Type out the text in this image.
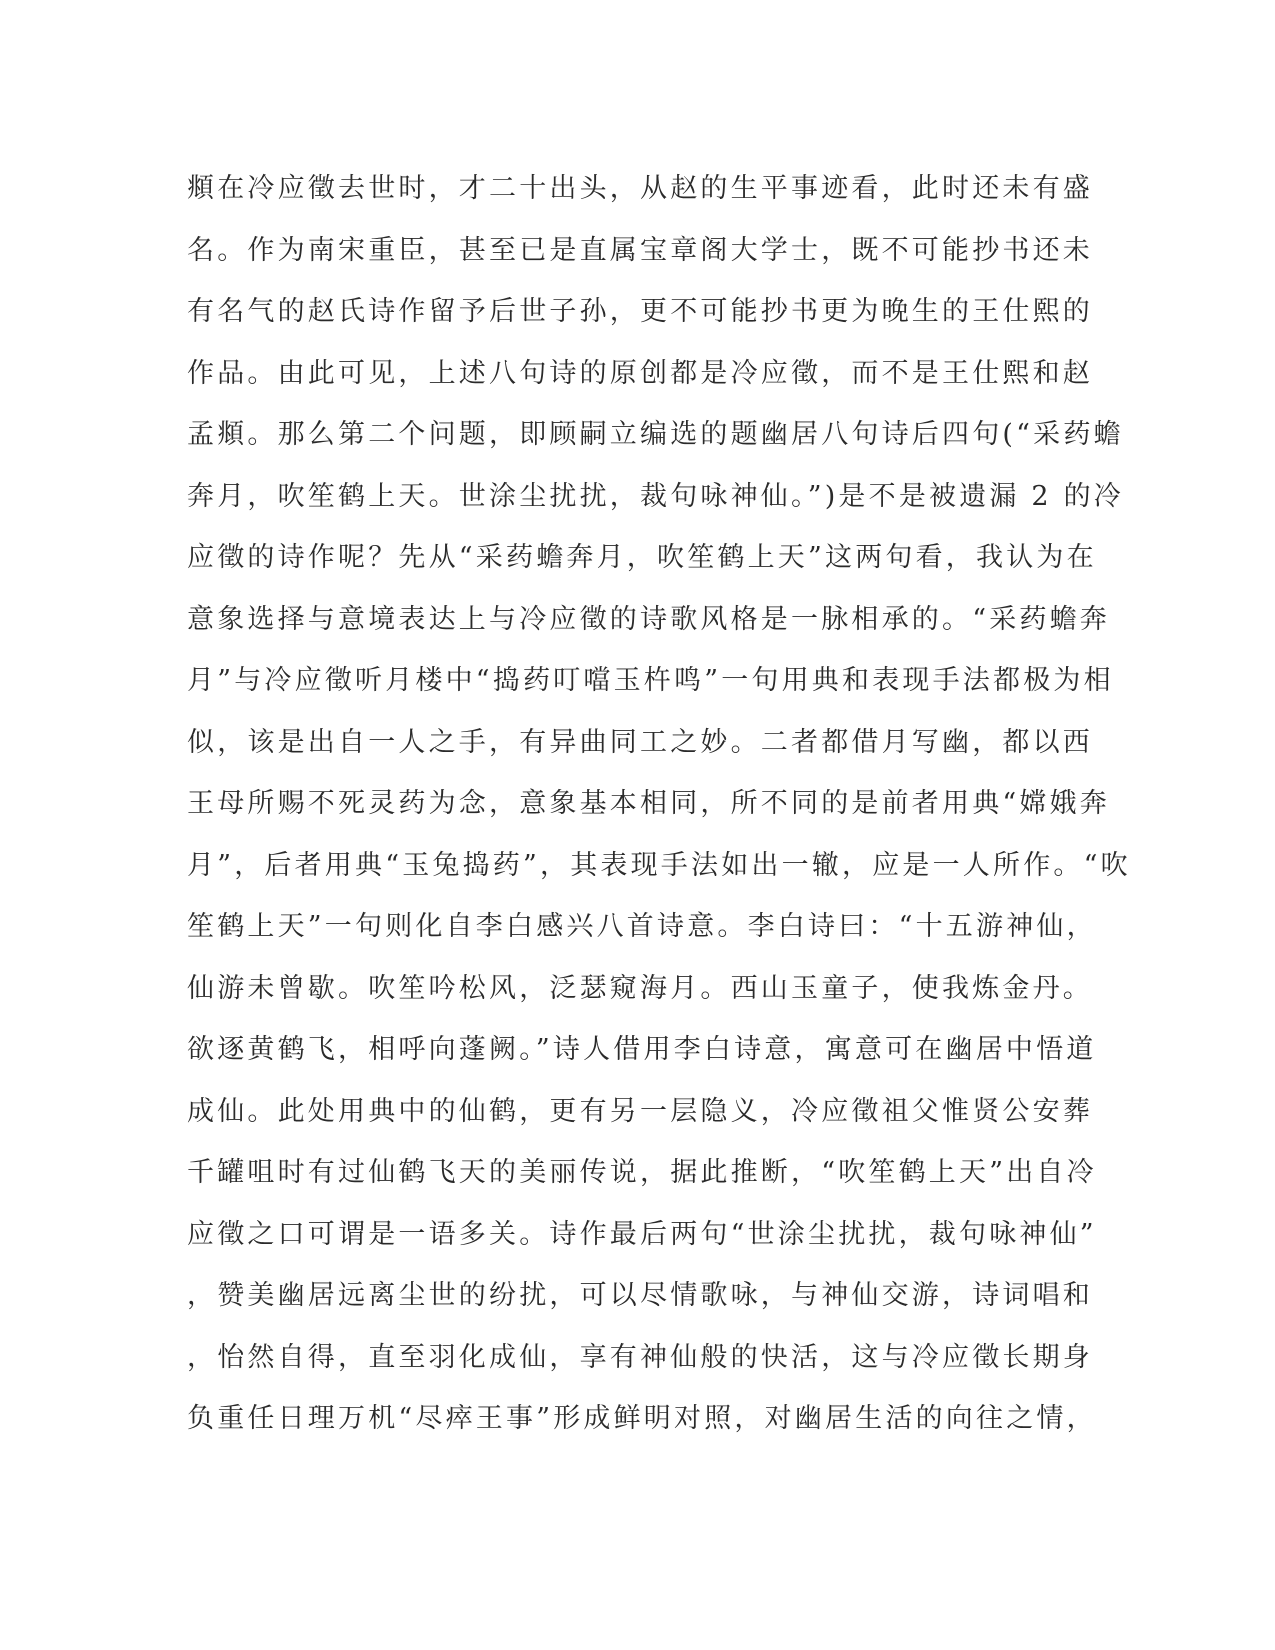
頫在冷应徵去世时，才二十出头，从赵的生平事迹看，此时还未有盛
名。作为南宋重臣，甚至已是直属宝章阁大学士，既不可能抄书还未
有名气的赵氏诗作留予后世子孙，更不可能抄书更为晚生的王仕熙的
作品。由此可见，上述八句诗的原创都是冷应徵，而不是王仕熙和赵
孟頫。那么第二个问题，即顾嗣立编选的题幽居八句诗后四句(“采药蟾
奔月，吹笙鹤上天。世涂尘扰扰，裁句咏神仙。”)是不是被遗漏 2 的冷
应徵的诗作呢？先从“采药蟾奔月，吹笙鹤上天”这两句看，我认为在
意象选择与意境表达上与冷应徵的诗歌风格是一脉相承的。“采药蟾奔
月”与冷应徵听月楼中“捣药叮噹玉杵鸣”一句用典和表现手法都极为相
似，该是出自一人之手，有异曲同工之妙。二者都借月写幽，都以西
王母所赐不死灵药为念，意象基本相同，所不同的是前者用典“嫦娥奔
月”，后者用典“玉兔捣药”，其表现手法如出一辙，应是一人所作。“吹
笙鹤上天”一句则化自李白感兴八首诗意。李白诗曰：“十五游神仙，
仙游未曾歇。吹笙吟松风，泛瑟窥海月。西山玉童子，使我炼金丹。
欲逐黄鹤飞，相呼向蓬阙。”诗人借用李白诗意，寓意可在幽居中悟道
成仙。此处用典中的仙鹤，更有另一层隐义，冷应徵祖父惟贤公安葬
千罐咀时有过仙鹤飞天的美丽传说，据此推断，“吹笙鹤上天”出自冷
应徵之口可谓是一语多关。诗作最后两句“世涂尘扰扰，裁句咏神仙”
，赞美幽居远离尘世的纷扰，可以尽情歌咏，与神仙交游，诗词唱和
，怡然自得，直至羽化成仙，享有神仙般的快活，这与冷应徵长期身
负重任日理万机“尽瘁王事”形成鲜明对照，对幽居生活的向往之情，
